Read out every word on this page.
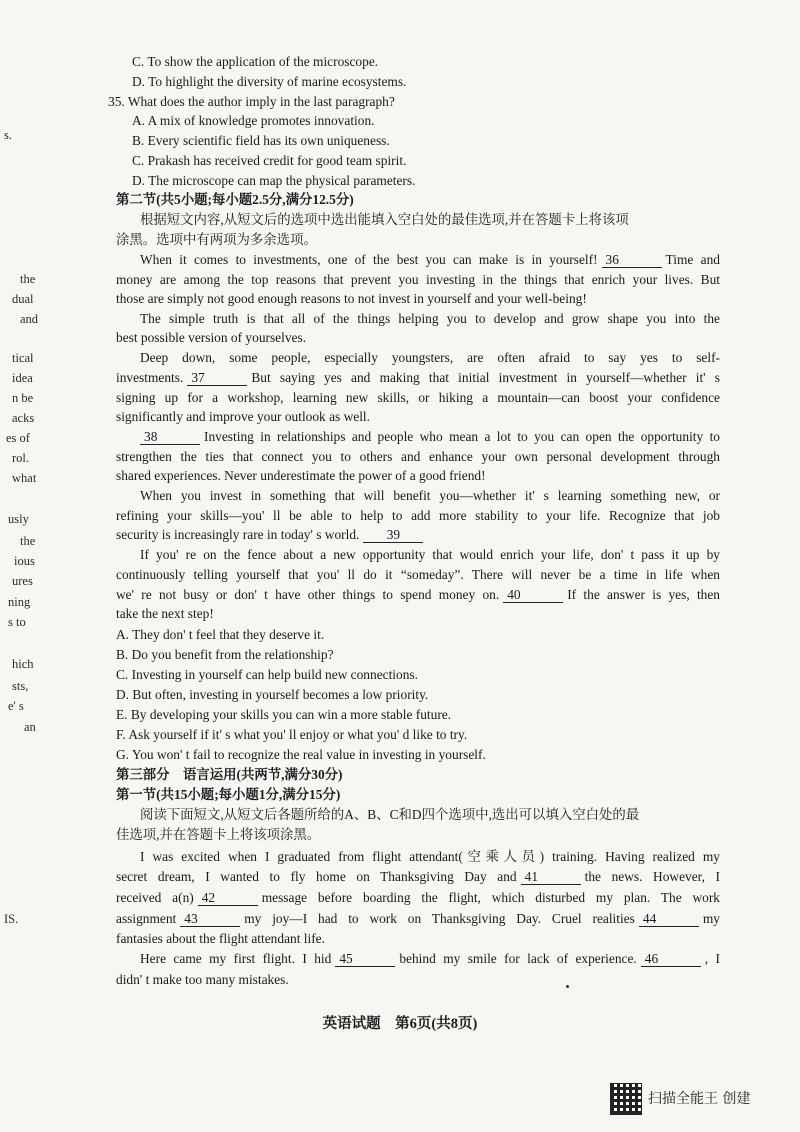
s.
the
dual
and
tical
idea
n be
acks
es of
rol.
what
usly
the
ious
ures
ning
s to
hich
sts,
e' s
an
IS.
C. To show the application of the microscope.
D. To highlight the diversity of marine ecosystems.
35. What does the author imply in the last paragraph?
A. A mix of knowledge promotes innovation.
B. Every scientific field has its own uniqueness.
C. Prakash has received credit for good team spirit.
D. The microscope can map the physical parameters.
第二节(共5小题;每小题2.5分,满分12.5分)
根据短文内容,从短文后的选项中选出能填入空白处的最佳选项,并在答题卡上将该项
涂黑。选项中有两项为多余选项。
When it comes to investments, one of the best you can make is in yourself! 36	Time and
money are among the top reasons that prevent you investing in the things that enrich your lives. But
those are simply not good enough reasons to not invest in yourself and your well-being!
The simple truth is that all of the things helping you to develop and grow shape you into the
best possible version of yourselves.
Deep down, some people, especially youngsters, are often afraid to say yes to self-
investments. 37	But saying yes and making that initial investment in yourself—whether it' s
signing up for a workshop, learning new skills, or hiking a mountain—can boost your confidence
significantly and improve your outlook as well.
38	Investing in relationships and people who mean a lot to you can open the opportunity to
strengthen the ties that connect you to others and enhance your own personal development through
shared experiences. Never underestimate the power of a good friend!
When you invest in something that will benefit you—whether it' s learning something new, or
refining your skills—you' ll be able to help to add more stability to your life. Recognize that job
security is increasingly rare in today' s world. 39
If you' re on the fence about a new opportunity that would enrich your life, don' t pass it up by
continuously telling yourself that you' ll do it “someday”. There will never be a time in life when
we' re not busy or don' t have other things to spend money on. 40	If the answer is yes, then
take the next step!
A. They don' t feel that they deserve it.
B. Do you benefit from the relationship?
C. Investing in yourself can help build new connections.
D. But often, investing in yourself becomes a low priority.
E. By developing your skills you can win a more stable future.
F. Ask yourself if it' s what you' ll enjoy or what you' d like to try.
G. You won' t fail to recognize the real value in investing in yourself.
第三部分　语言运用(共两节,满分30分)
第一节(共15小题;每小题1分,满分15分)
阅读下面短文,从短文后各题所给的A、B、C和D四个选项中,选出可以填入空白处的最
佳选项,并在答题卡上将该项涂黑。
I was excited when I graduated from flight attendant(空乘人员) training. Having realized my
secret dream, I wanted to fly home on Thanksgiving Day and 41	the news. However, I
received a(n) 42	message before boarding the flight, which disturbed my plan. The work
assignment 43	my joy—I had to work on Thanksgiving Day. Cruel realities 44	my
fantasies about the flight attendant life.
Here came my first flight. I hid 45	behind my smile for lack of experience. 46	, I
didn' t make too many mistakes.
英语试题　第6页(共8页)
扫描全能王 创建
